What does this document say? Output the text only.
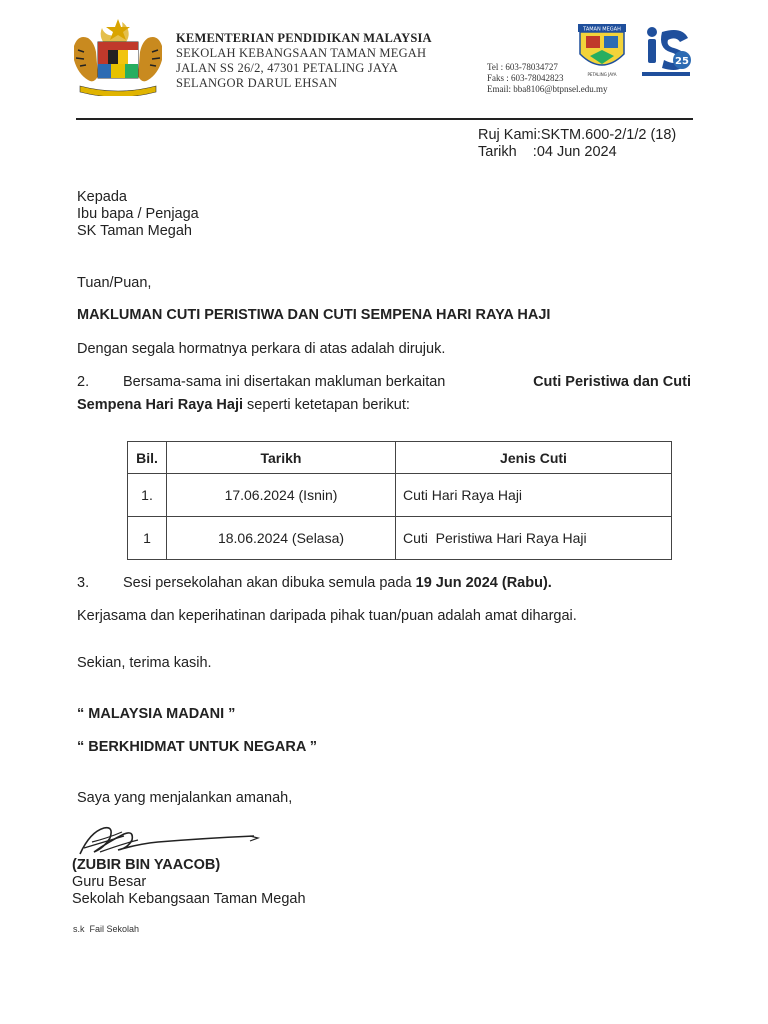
KEMENTERIAN PENDIDIKAN MALAYSIA
SEKOLAH KEBANGSAAN TAMAN MEGAH
JALAN SS 26/2, 47301 PETALING JAYA
SELANGOR DARUL EHSAN
Tel : 603-78034727
Faks : 603-78042823
Email: bba8106@btpnsel.edu.my
TAMAN MEGAH
PETALING JAYA
25
Ruj Kami:SKTM.600-2/1/2 (18)
Tarikh    :04 Jun 2024
Kepada
Ibu bapa / Penjaga
SK Taman Megah
Tuan/Puan,
MAKLUMAN CUTI PERISTIWA DAN CUTI SEMPENA HARI RAYA HAJI
Dengan segala hormatnya perkara di atas adalah dirujuk.
2.	Bersama-sama ini disertakan makluman berkaitan	Cuti Peristiwa dan Cuti
Sempena Hari Raya Haji seperti ketetapan berikut:
Bil.	Tarikh	Jenis Cuti
1.	17.06.2024 (Isnin)	Cuti Hari Raya Haji
1	18.06.2024 (Selasa)	Cuti  Peristiwa Hari Raya Haji
3. Sesi persekolahan akan dibuka semula pada 19 Jun 2024 (Rabu).
Kerjasama dan keperihatinan daripada pihak tuan/puan adalah amat dihargai.
Sekian, terima kasih.
“ MALAYSIA MADANI ”
“ BERKHIDMAT UNTUK NEGARA ”
Saya yang menjalankan amanah,
(ZUBIR BIN YAACOB)
Guru Besar
Sekolah Kebangsaan Taman Megah
s.k  Fail Sekolah
